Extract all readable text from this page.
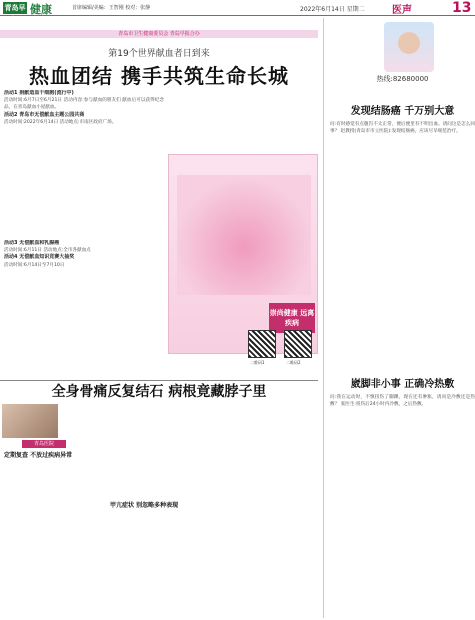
青岛早报
健康	首席编辑/美编：王智刚 校对：张静	2022年6月14日 星期二	医声	13
青岛市卫生健康委员会 青岛早报合办
第19个世界献血者日到来
热血团结 携手共筑生命长城

活动1 捐献造血干细胞(流行中)

活动时间:6月7日至6月21日 活动内容:参与献血的朋友们 献血后可以获得纪念品，在青岛献血小屋献血。

活动2 青岛市无偿献血主题公园共商

活动时间:2022年6月14日 活动地点:市南区政府广场。

活动3 无偿献血和乳腺癌

活动时间:6月11日 活动地点:全市各献血点

活动4 无偿献血知识竞赛大抽奖

活动时间:6月14日至7月10日

崇尚健康 远离疾病
二维码1	二维码2
全身骨痛反复结石 病根竟藏脖子里
青岛医院
定期复查 不放过疾病异常
甲亢症状 别忽略多种表现
热线:82680000
发现结肠癌 千万别大意
问:有时感觉有点腹泻不太正常，便后便里有不明出血。请问这是怎么回事？ 赵教授(青岛市市立医院):发现结肠癌，应该尽早规范治疗。
崴脚非小事 正确冷热敷
问:我在运动时，不慎扭伤了脚踝，现在还有肿胀，请问是冷敷还是热敷？ 张医生:扭伤后24小时内冷敷，之后热敷。
